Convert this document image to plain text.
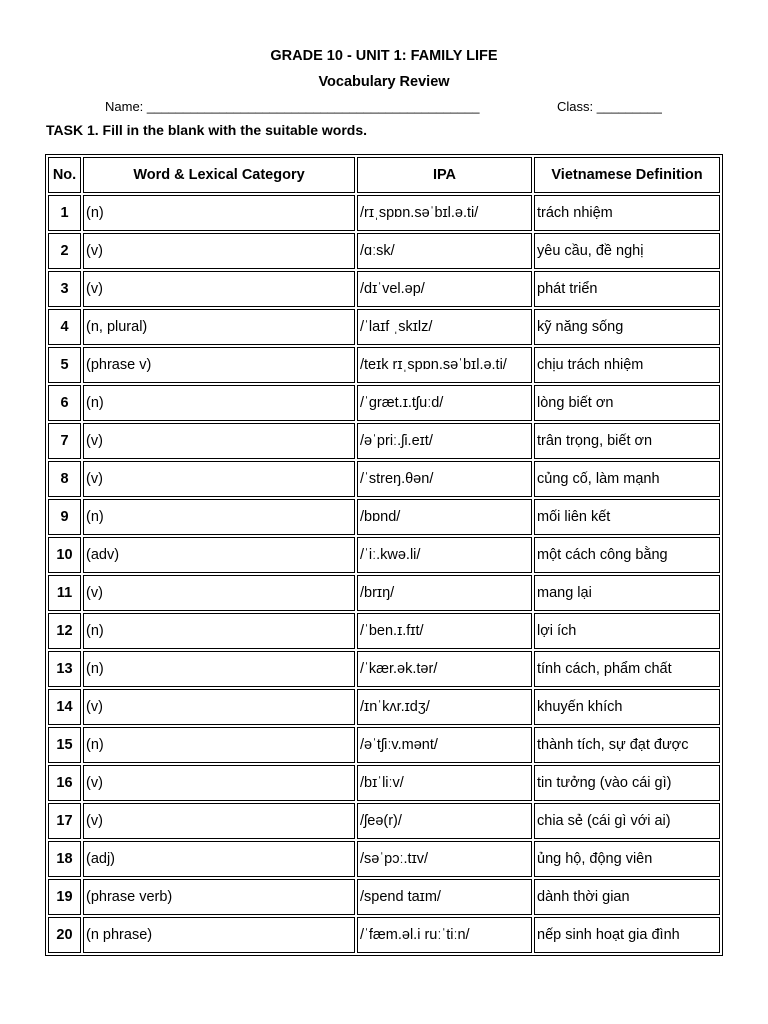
GRADE 10 - UNIT 1: FAMILY LIFE
Vocabulary Review
Name: ______________________________________________	Class: _________
TASK 1. Fill in the blank with the suitable words.
No.	Word & Lexical Category	IPA	Vietnamese Definition
1	(n)	/rɪˌspɒn.səˈbɪl.ə.ti/	trách nhiệm
2	(v)	/ɑːsk/	yêu cầu, đề nghị
3	(v)	/dɪˈvel.əp/	phát triển
4	(n, plural)	/ˈlaɪf ˌskɪlz/	kỹ năng sống
5	(phrase v)	/teɪk rɪˌspɒn.səˈbɪl.ə.ti/	chịu trách nhiệm
6	(n)	/ˈɡræt.ɪ.tʃuːd/	lòng biết ơn
7	(v)	/əˈpriː.ʃi.eɪt/	trân trọng, biết ơn
8	(v)	/ˈstreŋ.θən/	củng cố, làm mạnh
9	(n)	/bɒnd/	mối liên kết
10	(adv)	/ˈiː.kwə.li/	một cách công bằng
11	(v)	/brɪŋ/	mang lại
12	(n)	/ˈben.ɪ.fɪt/	lợi ích
13	(n)	/ˈkær.ək.tər/	tính cách, phẩm chất
14	(v)	/ɪnˈkʌr.ɪdʒ/	khuyến khích
15	(n)	/əˈtʃiːv.mənt/	thành tích, sự đạt được
16	(v)	/bɪˈliːv/	tin tưởng (vào cái gì)
17	(v)	/ʃeə(r)/	chia sẻ (cái gì với ai)
18	(adj)	/səˈpɔː.tɪv/	ủng hộ, động viên
19	(phrase verb)	/spend taɪm/	dành thời gian
20	(n phrase)	/ˈfæm.əl.i ruːˈtiːn/	nếp sinh hoạt gia đình
